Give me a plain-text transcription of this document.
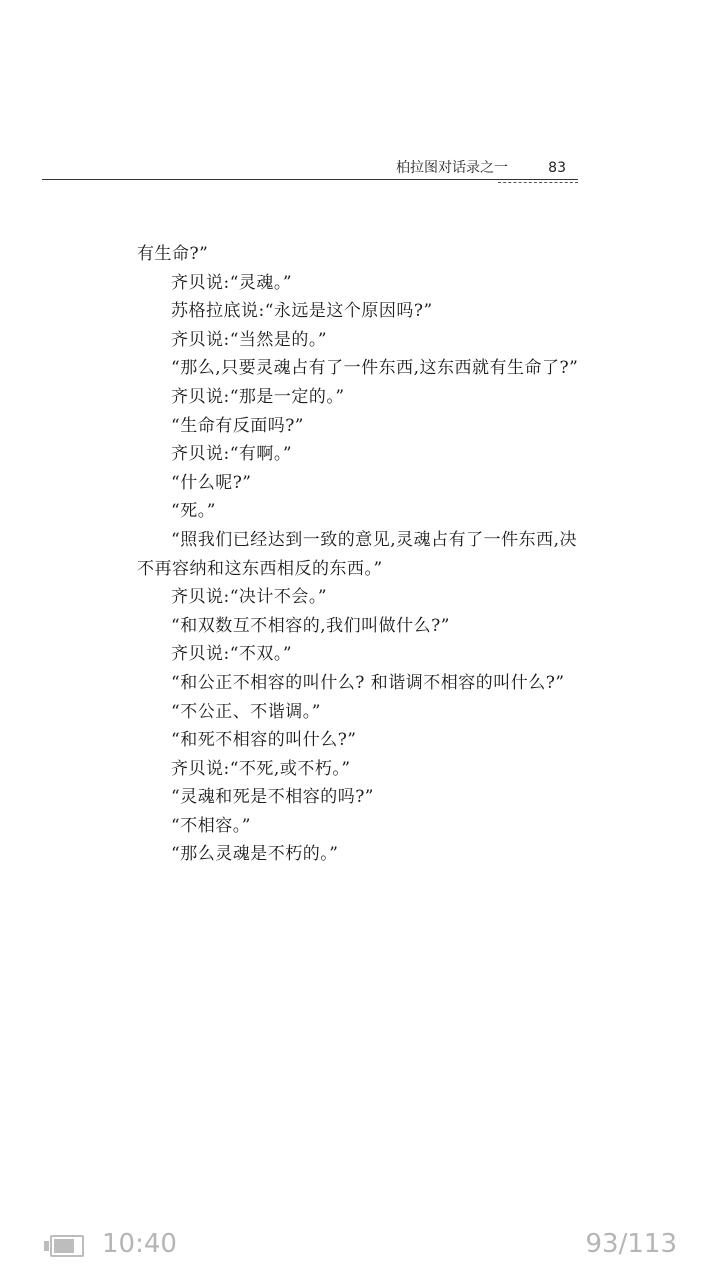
柏拉图对话录之一	83

有生命?”

齐贝说:“灵魂。”

苏格拉底说:“永远是这个原因吗?”

齐贝说:“当然是的。”

“那么,只要灵魂占有了一件东西,这东西就有生命了?”

齐贝说:“那是一定的。”

“生命有反面吗?”

齐贝说:“有啊。”

“什么呢?”

“死。”

“照我们已经达到一致的意见,灵魂占有了一件东西,决不再容纳和这东西相反的东西。”

齐贝说:“决计不会。”

“和双数互不相容的,我们叫做什么?”

齐贝说:“不双。”

“和公正不相容的叫什么? 和谐调不相容的叫什么?”

“不公正、不谐调。”

“和死不相容的叫什么?”

齐贝说:“不死,或不朽。”

“灵魂和死是不相容的吗?”

“不相容。”

“那么灵魂是不朽的。”

10:40	93/113
